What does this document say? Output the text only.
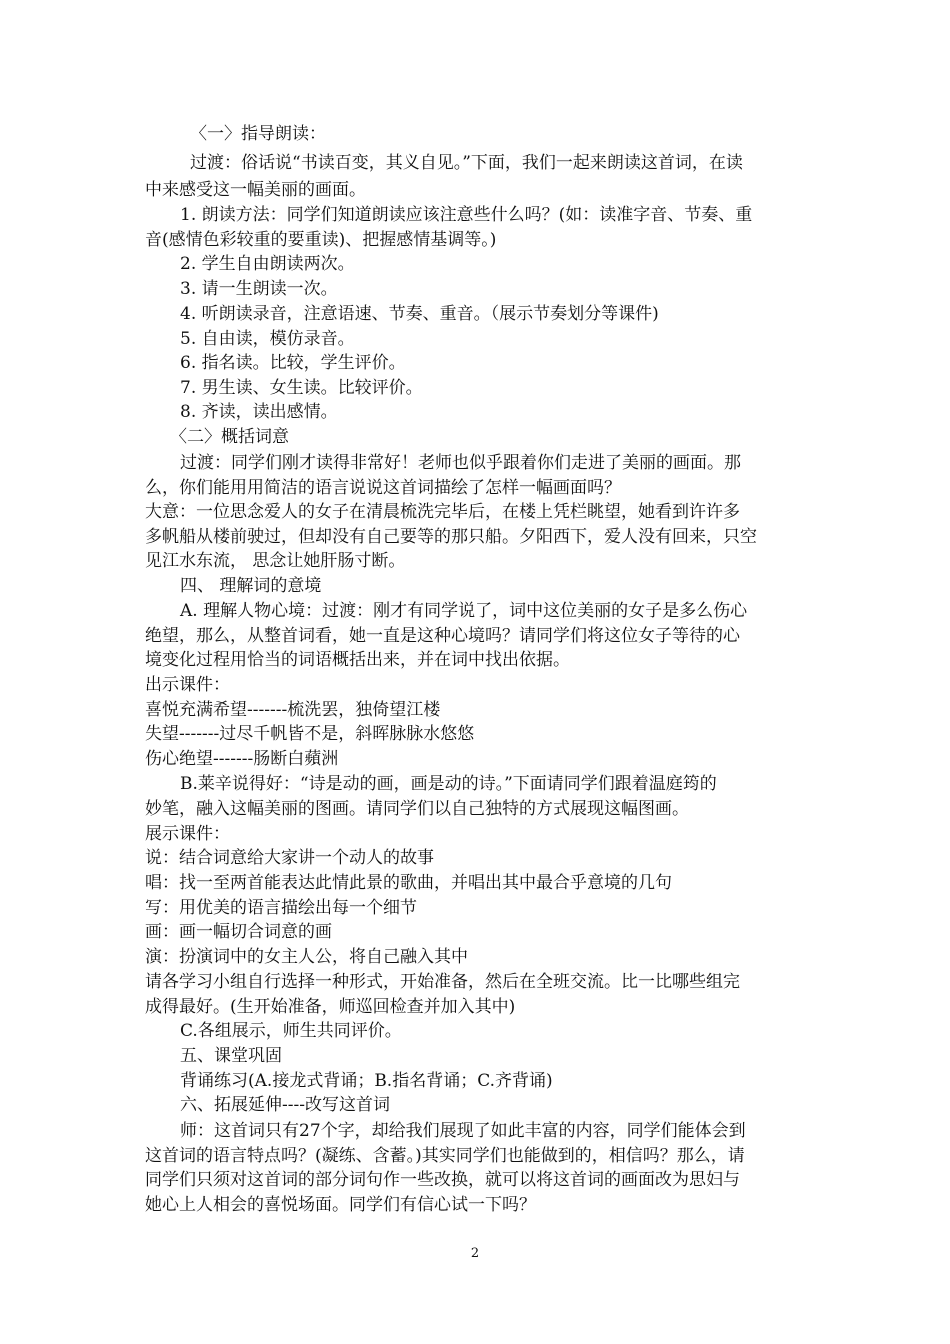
〈一〉指导朗读：
过渡：俗话说“书读百变，其义自见。”下面，我们一起来朗读这首词，在读
中来感受这一幅美丽的画面。
1. 朗读方法：同学们知道朗读应该注意些什么吗？(如：读准字音、节奏、重
音(感情色彩较重的要重读)、把握感情基调等。)
2. 学生自由朗读两次。
3. 请一生朗读一次。
4. 听朗读录音，注意语速、节奏、重音。（展示节奏划分等课件)
5. 自由读，模仿录音。
6. 指名读。比较，学生评价。
7. 男生读、女生读。比较评价。
8. 齐读，读出感情。
〈二〉概括词意
过渡：同学们刚才读得非常好！老师也似乎跟着你们走进了美丽的画面。那
么，你们能用用简洁的语言说说这首词描绘了怎样一幅画面吗？
大意：一位思念爱人的女子在清晨梳洗完毕后，在楼上凭栏眺望，她看到许许多
多帆船从楼前驶过，但却没有自己要等的那只船。夕阳西下，爱人没有回来，只空
见江水东流， 思念让她肝肠寸断。
四、 理解词的意境
A. 理解人物心境：过渡：刚才有同学说了，词中这位美丽的女子是多么伤心
绝望，那么，从整首词看，她一直是这种心境吗？请同学们将这位女子等待的心
境变化过程用恰当的词语概括出来，并在词中找出依据。
出示课件：
喜悦充满希望-------梳洗罢，独倚望江楼
失望-------过尽千帆皆不是，斜晖脉脉水悠悠
伤心绝望-------肠断白蘋洲
B.莱辛说得好：“诗是动的画，画是动的诗。”下面请同学们跟着温庭筠的
妙笔，融入这幅美丽的图画。请同学们以自己独特的方式展现这幅图画。
展示课件：
说：结合词意给大家讲一个动人的故事
唱：找一至两首能表达此情此景的歌曲，并唱出其中最合乎意境的几句
写：用优美的语言描绘出每一个细节
画：画一幅切合词意的画
演：扮演词中的女主人公，将自己融入其中
请各学习小组自行选择一种形式，开始准备，然后在全班交流。比一比哪些组完
成得最好。(生开始准备，师巡回检查并加入其中)
C.各组展示，师生共同评价。
五、课堂巩固
背诵练习(A.接龙式背诵；B.指名背诵；C.齐背诵)
六、拓展延伸----改写这首词
师：这首词只有27个字，却给我们展现了如此丰富的内容，同学们能体会到
这首词的语言特点吗？(凝练、含蓄。)其实同学们也能做到的，相信吗？那么，请
同学们只须对这首词的部分词句作一些改换，就可以将这首词的画面改为思妇与
她心上人相会的喜悦场面。同学们有信心试一下吗？
2
